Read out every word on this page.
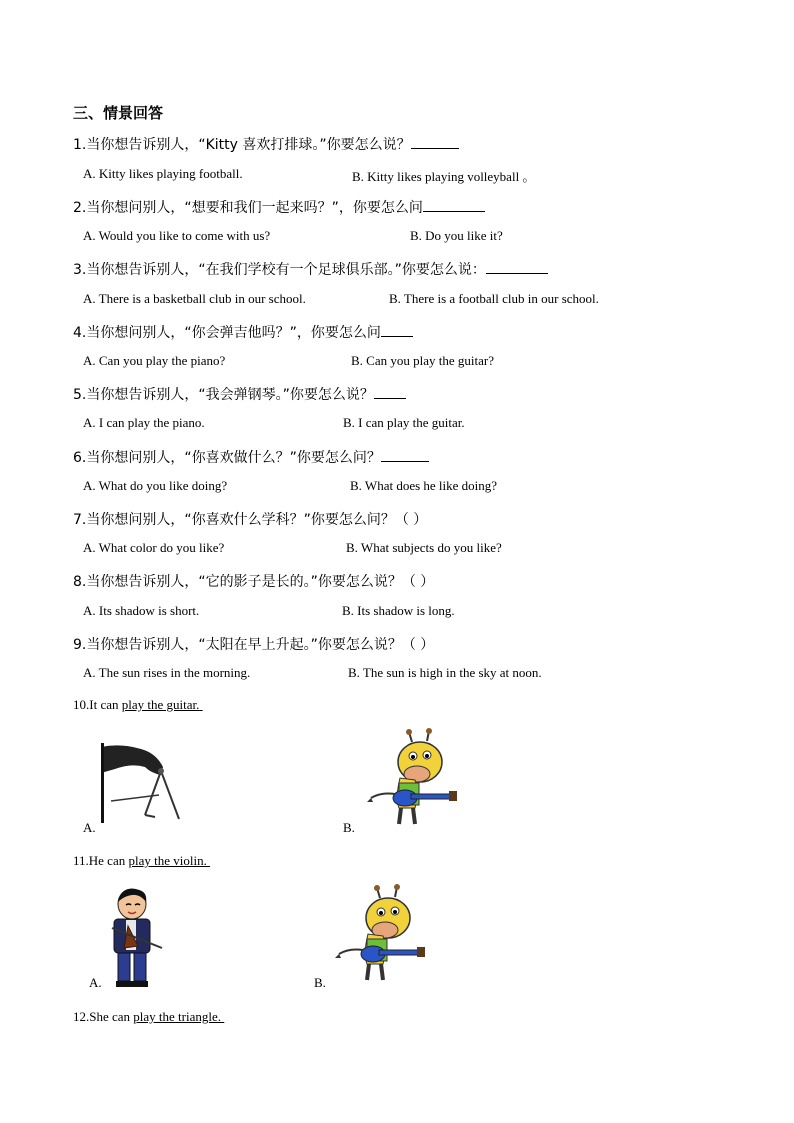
三、情景回答
1.当你想告诉别人，“Kitty 喜欢打排球。”你要怎么说？
A. Kitty likes playing football.	B. Kitty likes playing volleyball 。
2.当你想问别人，“想要和我们一起来吗？”，你要怎么问
A. Would you like to come with us?	B. Do you like it?
3.当你想告诉别人，“在我们学校有一个足球俱乐部。”你要怎么说：
A. There is a basketball club in our school.	B. There is a football club in our school.
4.当你想问别人，“你会弹吉他吗？”，你要怎么问
A. Can you play the piano?	B. Can you play the guitar?
5.当你想告诉别人，“我会弹钢琴。”你要怎么说？
A. I can play the piano.	B. I can play the guitar.
6.当你想问别人，“你喜欢做什么？”你要怎么问？
A. What do you like doing?	B. What does he like doing?
7.当你想问别人，“你喜欢什么学科？”你要怎么问？（ ）
A. What color do you like?	B. What subjects do you like?
8.当你想告诉别人，“它的影子是长的。”你要怎么说？（ ）
A. Its shadow is short.	B. Its shadow is long.
9.当你想告诉别人，“太阳在早上升起。”你要怎么说？（ ）
A. The sun rises in the morning.	B. The sun is high in the sky at noon.
10.It can play the guitar.
A.	B.
11.He can play the violin.
A.	B.
12.She can play the triangle.
